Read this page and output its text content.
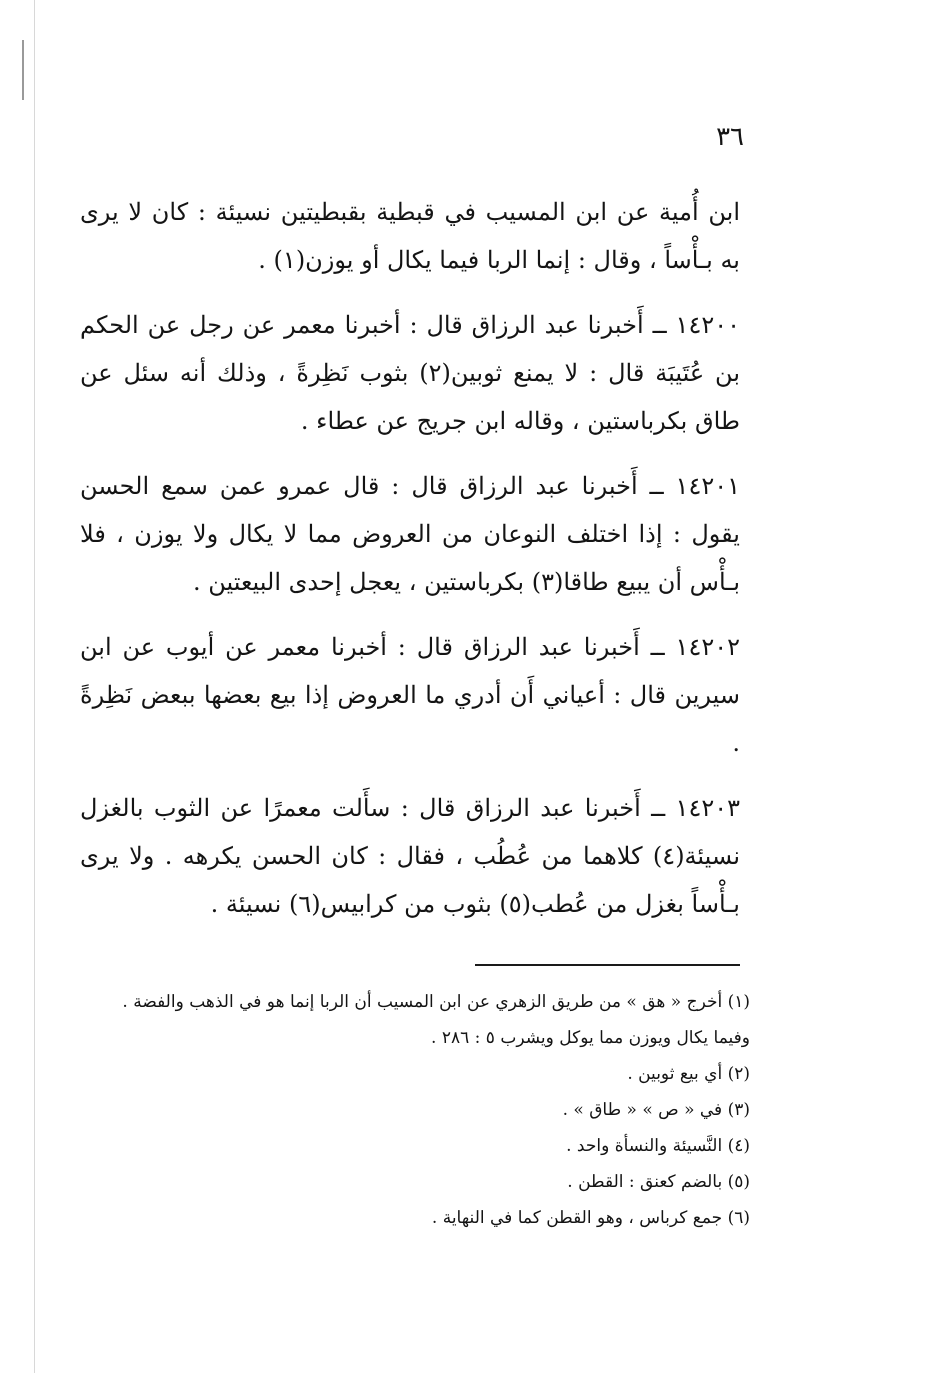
٣٦

ابن أُمية عن ابن المسيب في قبطية بقبطيتين نسيئة : كان لا يرى به بـأْساً ، وقال : إنما الربا فيما يكال أو يوزن(١) .

١٤٢٠٠ ــ أَخبرنا عبد الرزاق قال : أخبرنا معمر عن رجل عن الحكم بن عُتَيبَة قال : لا يمنع ثوبين(٢) بثوب نَظِرةً ، وذلك أنه سئل عن طاق بكرباستين ، وقاله ابن جريج عن عطاء .

١٤٢٠١ ــ أَخبرنا عبد الرزاق قال : قال عمرو عمن سمع الحسن يقول : إذا اختلف النوعان من العروض مما لا يكال ولا يوزن ، فلا بـأْس أن يبيع طاقا(٣) بكرباستين ، يعجل إحدى البيعتين .

١٤٢٠٢ ــ أَخبرنا عبد الرزاق قال : أخبرنا معمر عن أيوب عن ابن سيرين قال : أعياني أَن أدري ما العروض إذا بيع بعضها ببعض نَظِرةً .

١٤٢٠٣ ــ أَخبرنا عبد الرزاق قال : سأَلت معمرًا عن الثوب بالغزل نسيئة(٤) كلاهما من عُطُب ، فقال : كان الحسن يكرهه . ولا يرى بـأْساً بغزل من عُطب(٥) بثوب من كرابيس(٦) نسيئة .

(١) أخرج « هق » من طريق الزهري عن ابن المسيب أن الربا إنما هو في الذهب والفضة .

وفيما يكال ويوزن مما يوكل ويشرب ٥ : ٢٨٦ .

(٢) أي بيع ثوبين .

(٣) في « ص » « طاق » .

(٤) النَّسيئة والنسأة واحد .

(٥) بالضم كعنق : القطن .

(٦) جمع كرباس ، وهو القطن كما في النهاية .
